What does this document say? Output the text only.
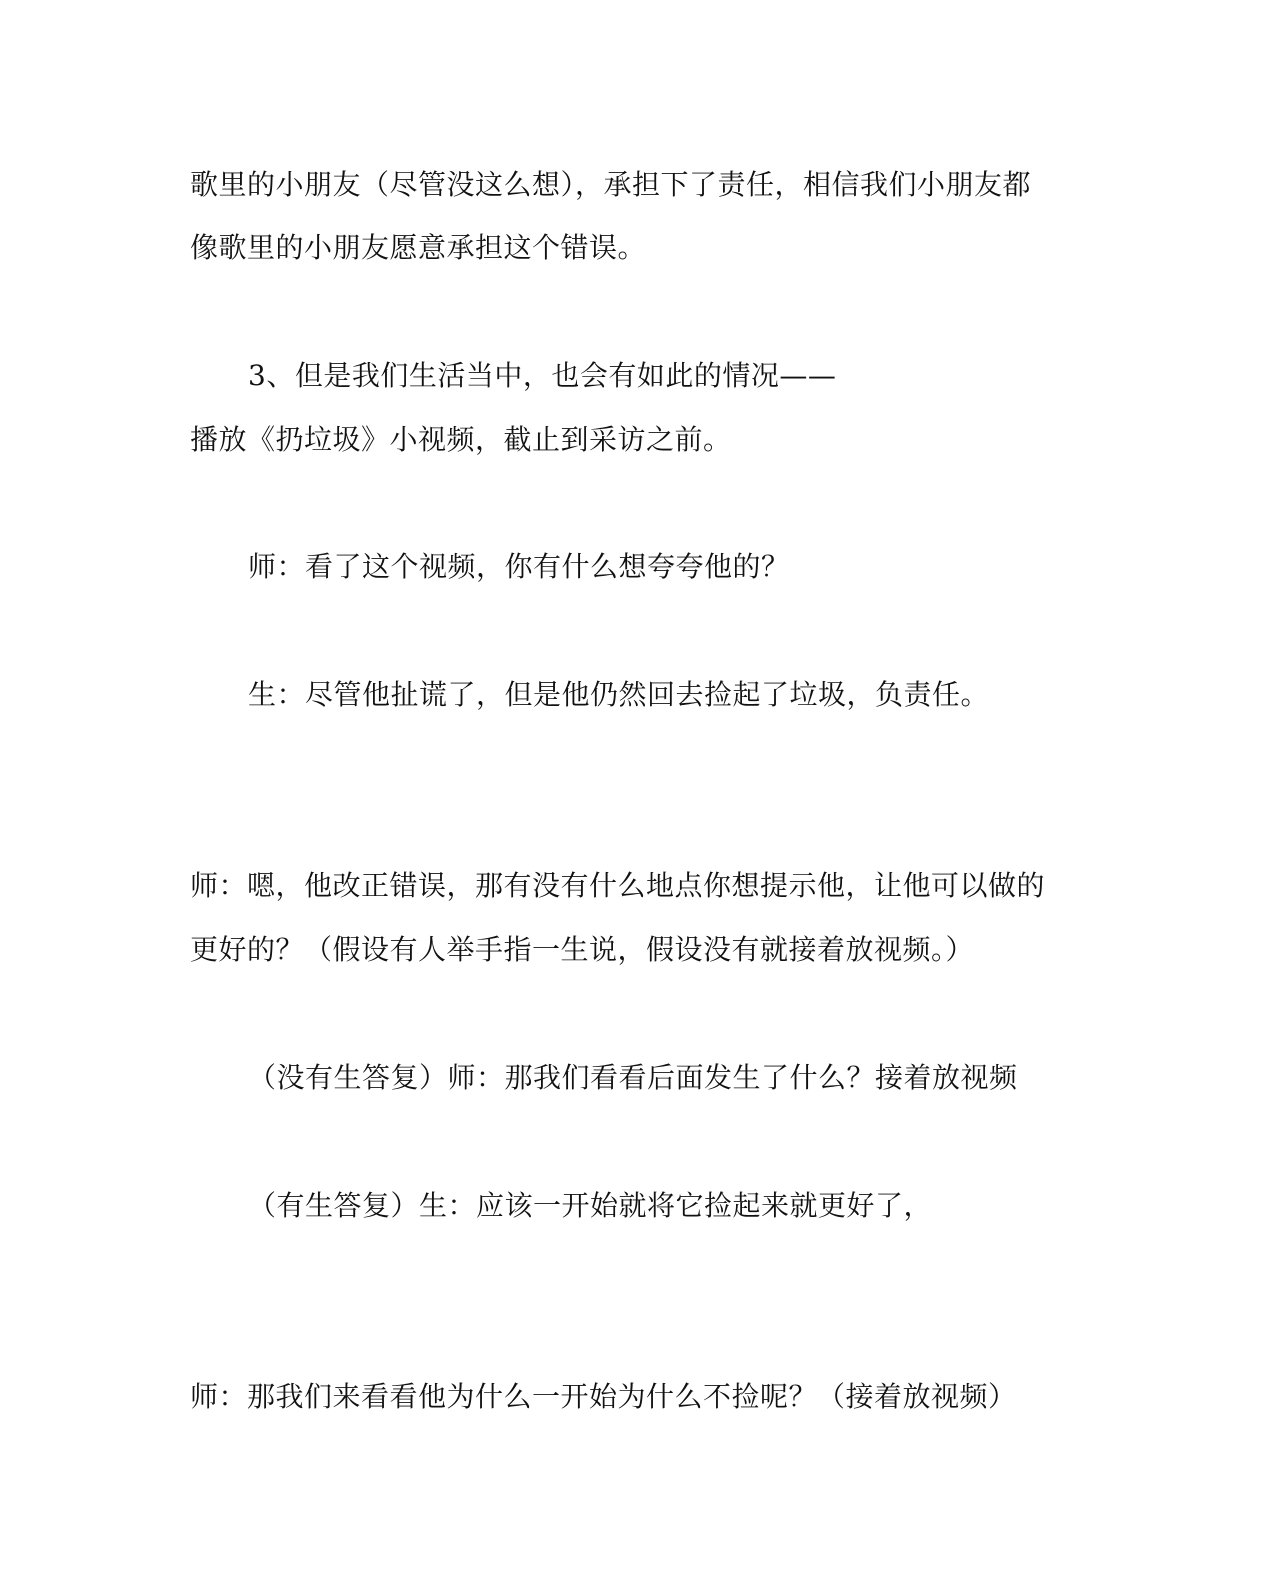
歌里的小朋友（尽管没这么想），承担下了责任，相信我们小朋友都
像歌里的小朋友愿意承担这个错误。
3、但是我们生活当中，也会有如此的情况——
播放《扔垃圾》小视频，截止到采访之前。
师：看了这个视频，你有什么想夸夸他的？
生：尽管他扯谎了，但是他仍然回去捡起了垃圾，负责任。
师：嗯，他改正错误，那有没有什么地点你想提示他，让他可以做的
更好的？（假设有人举手指一生说，假设没有就接着放视频。）
（没有生答复）师：那我们看看后面发生了什么？接着放视频
（有生答复）生：应该一开始就将它捡起来就更好了，
师：那我们来看看他为什么一开始为什么不捡呢？（接着放视频）
